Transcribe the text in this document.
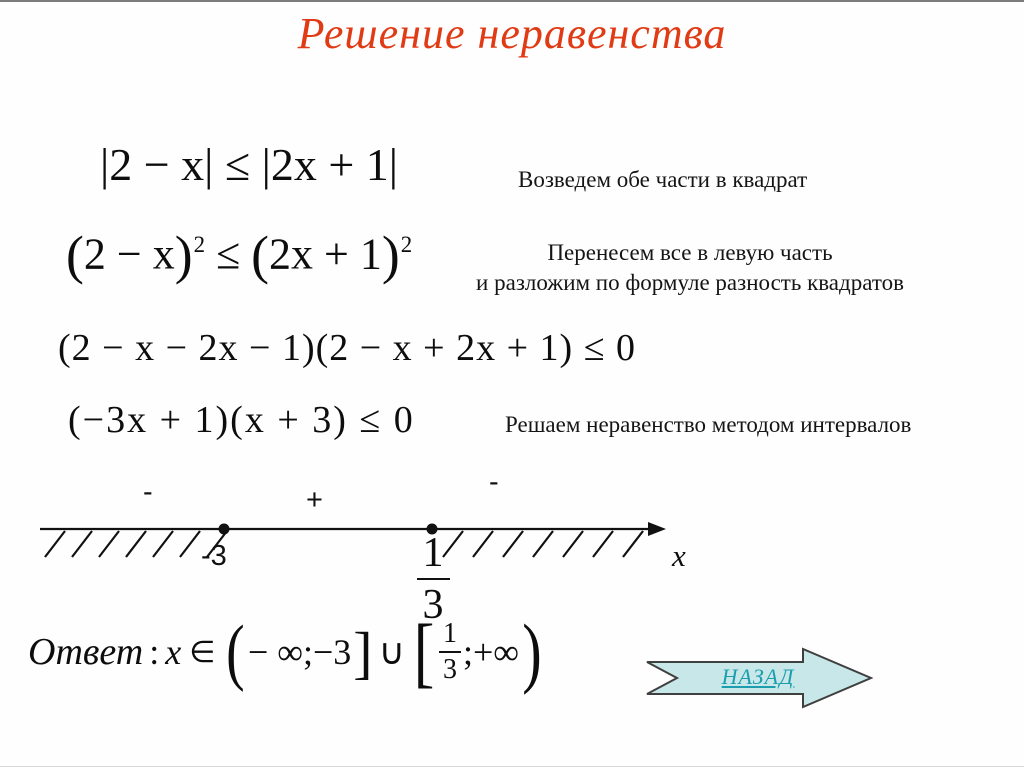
Решение неравенства
|2 − x| ≤ |2x + 1|	Возведем обе части в квадрат
$(2 - x)^2 \le (2x + 1)^2$	Перенесем все в левую часть
и разложим по формуле разность квадратов
(2 − x − 2x − 1)(2 − x + 2x + 1) ≤ 0
(−3x + 1)(x + 3) ≤ 0	Решаем неравенство методом интервалов
-	+
-
-3	$\frac{1}{3}$	x
Ответ : x ∈ ( − ∞;−3 ] ∪ [ $\frac{1}{3}$ ;+∞ )	НАЗАД
